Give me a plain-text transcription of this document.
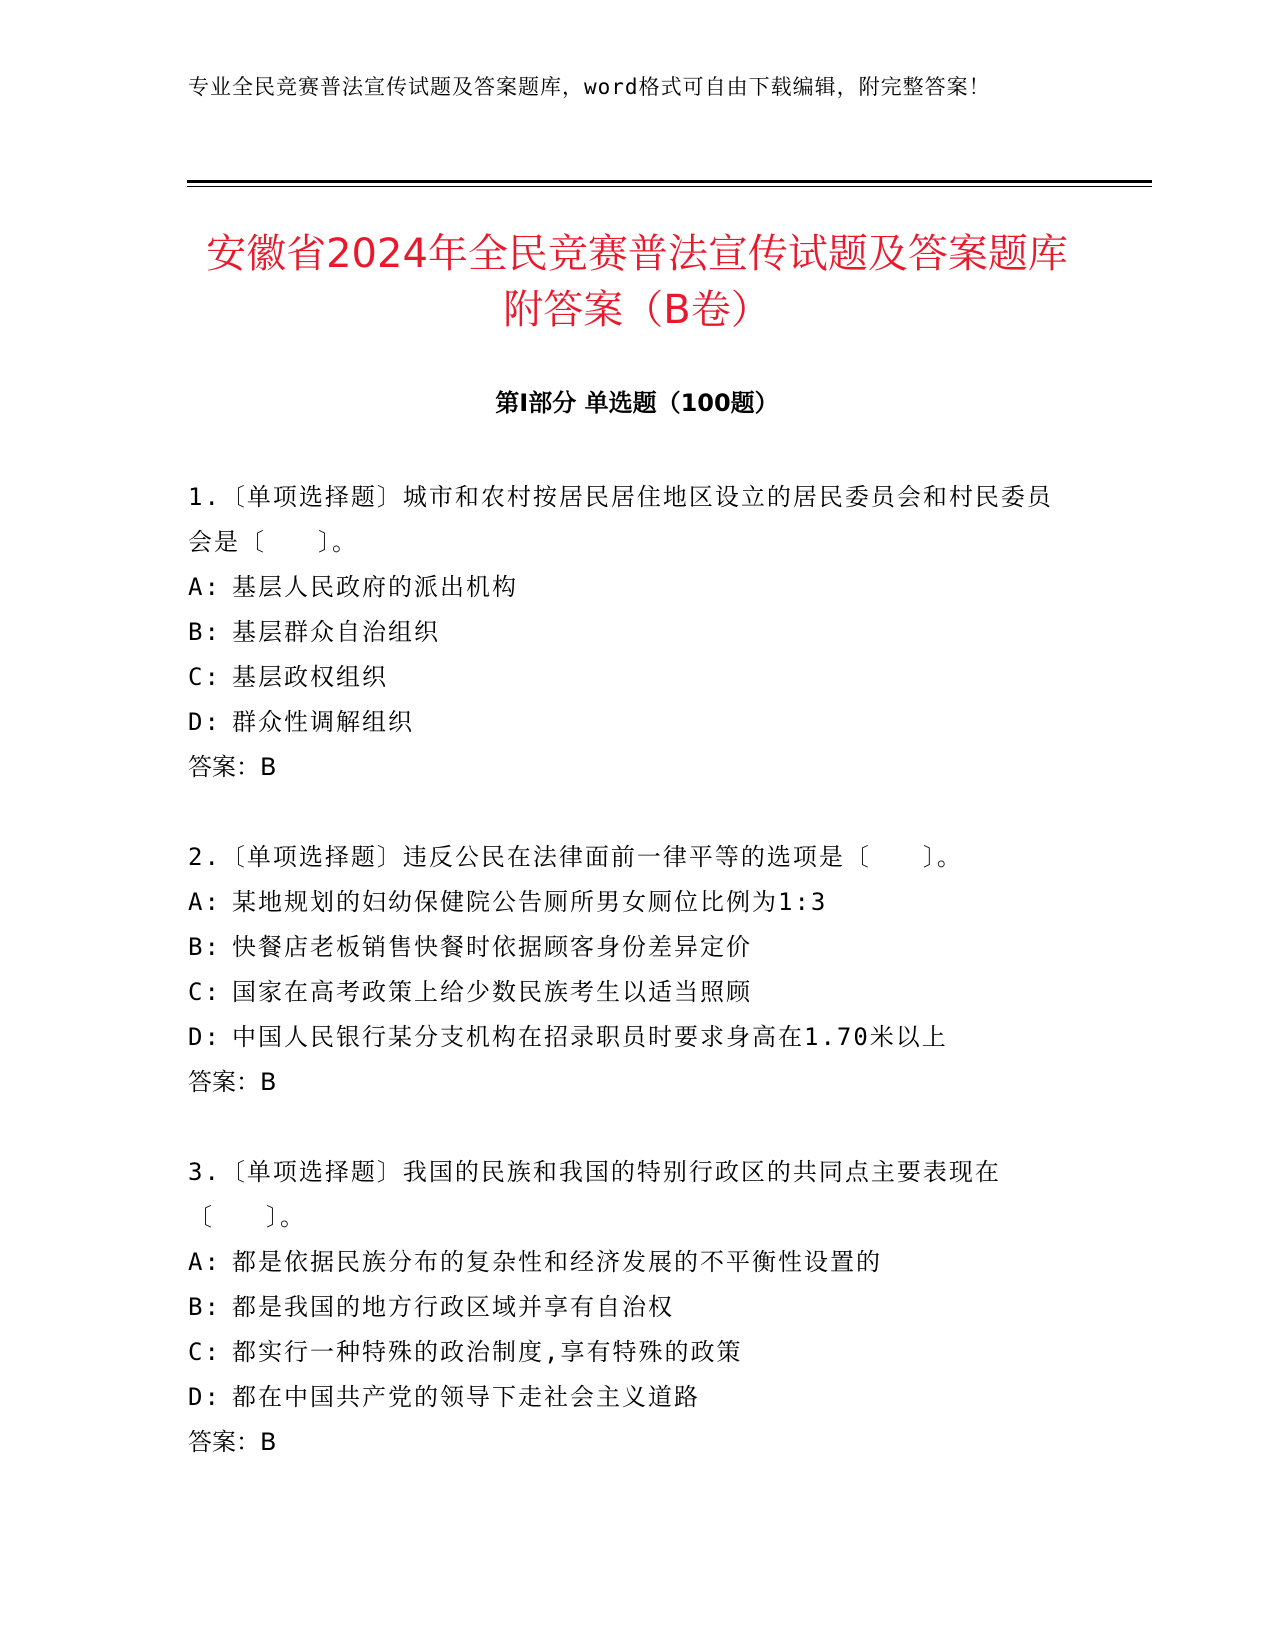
专业全民竞赛普法宣传试题及答案题库，word格式可自由下载编辑，附完整答案！
安徽省2024年全民竞赛普法宣传试题及答案题库附答案（B卷）
第Ⅰ部分 单选题（100题）

1.〔单项选择题〕城市和农村按居民居住地区设立的居民委员会和村民委员会是〔　　〕。

A: 基层人民政府的派出机构

B: 基层群众自治组织

C: 基层政权组织

D: 群众性调解组织

答案：B

2.〔单项选择题〕违反公民在法律面前一律平等的选项是〔　　〕。

A: 某地规划的妇幼保健院公告厕所男女厕位比例为1:3

B: 快餐店老板销售快餐时依据顾客身份差异定价

C: 国家在高考政策上给少数民族考生以适当照顾

D: 中国人民银行某分支机构在招录职员时要求身高在1.70米以上

答案：B

3.〔单项选择题〕我国的民族和我国的特别行政区的共同点主要表现在〔　　〕。

A: 都是依据民族分布的复杂性和经济发展的不平衡性设置的

B: 都是我国的地方行政区域并享有自治权

C: 都实行一种特殊的政治制度,享有特殊的政策

D: 都在中国共产党的领导下走社会主义道路

答案：B
